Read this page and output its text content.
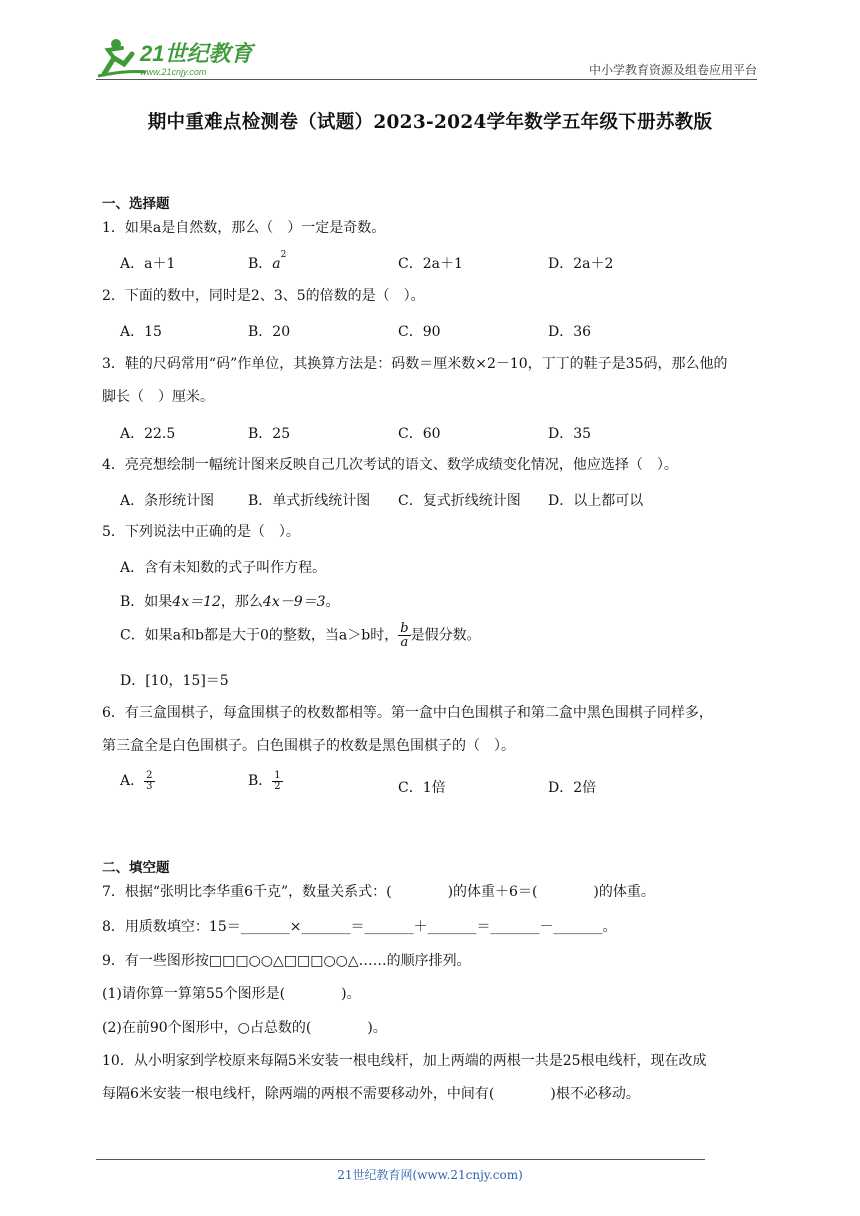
21世纪教育
www.21cnjy.com	中小学教育资源及组卷应用平台
期中重难点检测卷（试题）2023-2024学年数学五年级下册苏教版
一、选择题
1．如果a是自然数，那么（　）一定是奇数。
A．a＋1	B．$a^2$
C．2a＋1	D．2a＋2
2．下面的数中，同时是2、3、5的倍数的是（　）。
A．15	B．20	C．90	D．36
3．鞋的尺码常用“码”作单位，其换算方法是：码数＝厘米数×2－10，丁丁的鞋子是35码，那么他的
脚长（　）厘米。
A．22.5	B．25	C．60	D．35
4．亮亮想绘制一幅统计图来反映自己几次考试的语文、数学成绩变化情况，他应选择（　）。
A．条形统计图 B．单式折线统计图 C．复式折线统计图 D．以上都可以
5．下列说法中正确的是（　）。
A．含有未知数的式子叫作方程。
B．如果4x＝12，那么4x－9＝3。
C．如果a和b都是大于0的整数，当a＞b时， $\frac{b}{a}$ 是假分数。
D．[10，15]＝5
6．有三盒围棋子，每盒围棋子的枚数都相等。第一盒中白色围棋子和第二盒中黑色围棋子同样多，
第三盒全是白色围棋子。白色围棋子的枚数是黑色围棋子的（　）。
A． $\frac{2}{3}$	B． $\frac{1}{2}$	C．1倍	D．2倍
二、填空题
7．根据“张明比李华重6千克”，数量关系式：(　　　　)的体重＋6＝(　　　　)的体重。
8．用质数填空：15＝_______×_______＝_______＋_______＝_______－_______。
9．有一些图形按□□□○○△□□□○○△……的顺序排列。
(1)请你算一算第55个图形是(　　　　)。
(2)在前90个图形中，○占总数的(　　　　)。
10．从小明家到学校原来每隔5米安装一根电线杆，加上两端的两根一共是25根电线杆，现在改成
每隔6米安装一根电线杆，除两端的两根不需要移动外，中间有(　　　　)根不必移动。
21世纪教育网(www.21cnjy.com)
